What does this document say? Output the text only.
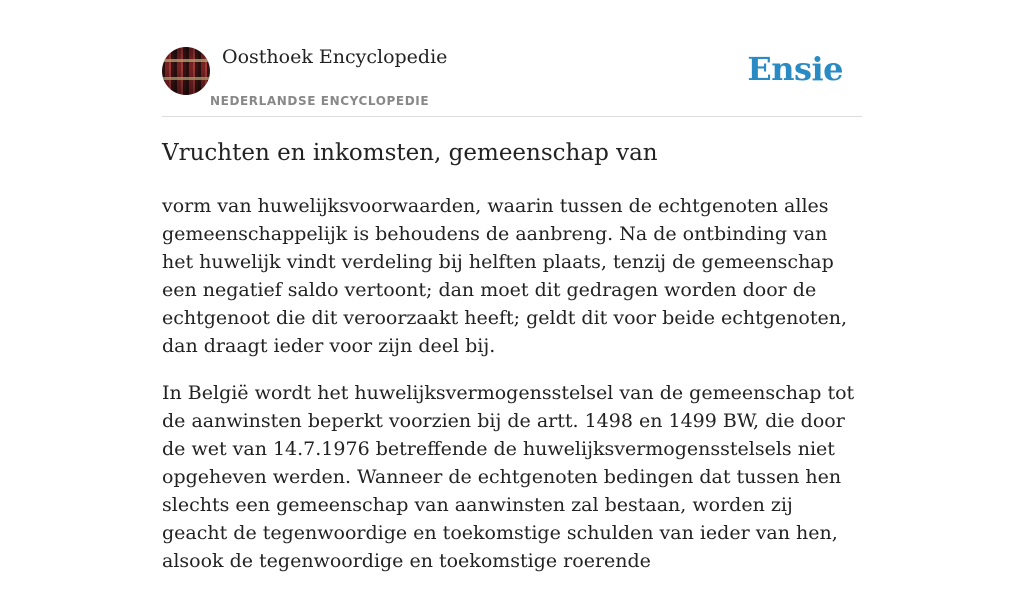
Oosthoek Encyclopedie
NEDERLANDSE ENCYCLOPEDIE
Ensie
Vruchten en inkomsten, gemeenschap van

vorm van huwelijksvoorwaarden, waarin tussen de echtgenoten alles gemeenschappelijk is behoudens de aanbreng. Na de ontbinding van het huwelijk vindt verdeling bij helften plaats, tenzij de gemeenschap een negatief saldo vertoont; dan moet dit gedragen worden door de echtgenoot die dit veroorzaakt heeft; geldt dit voor beide echtgenoten, dan draagt ieder voor zijn deel bij.

In België wordt het huwelijksvermogensstelsel van de gemeenschap tot de aanwinsten beperkt voorzien bij de artt. 1498 en 1499 BW, die door de wet van 14.7.1976 betreffende de huwelijksvermogensstelsels niet opgeheven werden. Wanneer de echtgenoten bedingen dat tussen hen slechts een gemeenschap van aanwinsten zal bestaan, worden zij geacht de tegenwoordige en toekomstige schulden van ieder van hen, alsook de tegenwoordige en toekomstige roerende
